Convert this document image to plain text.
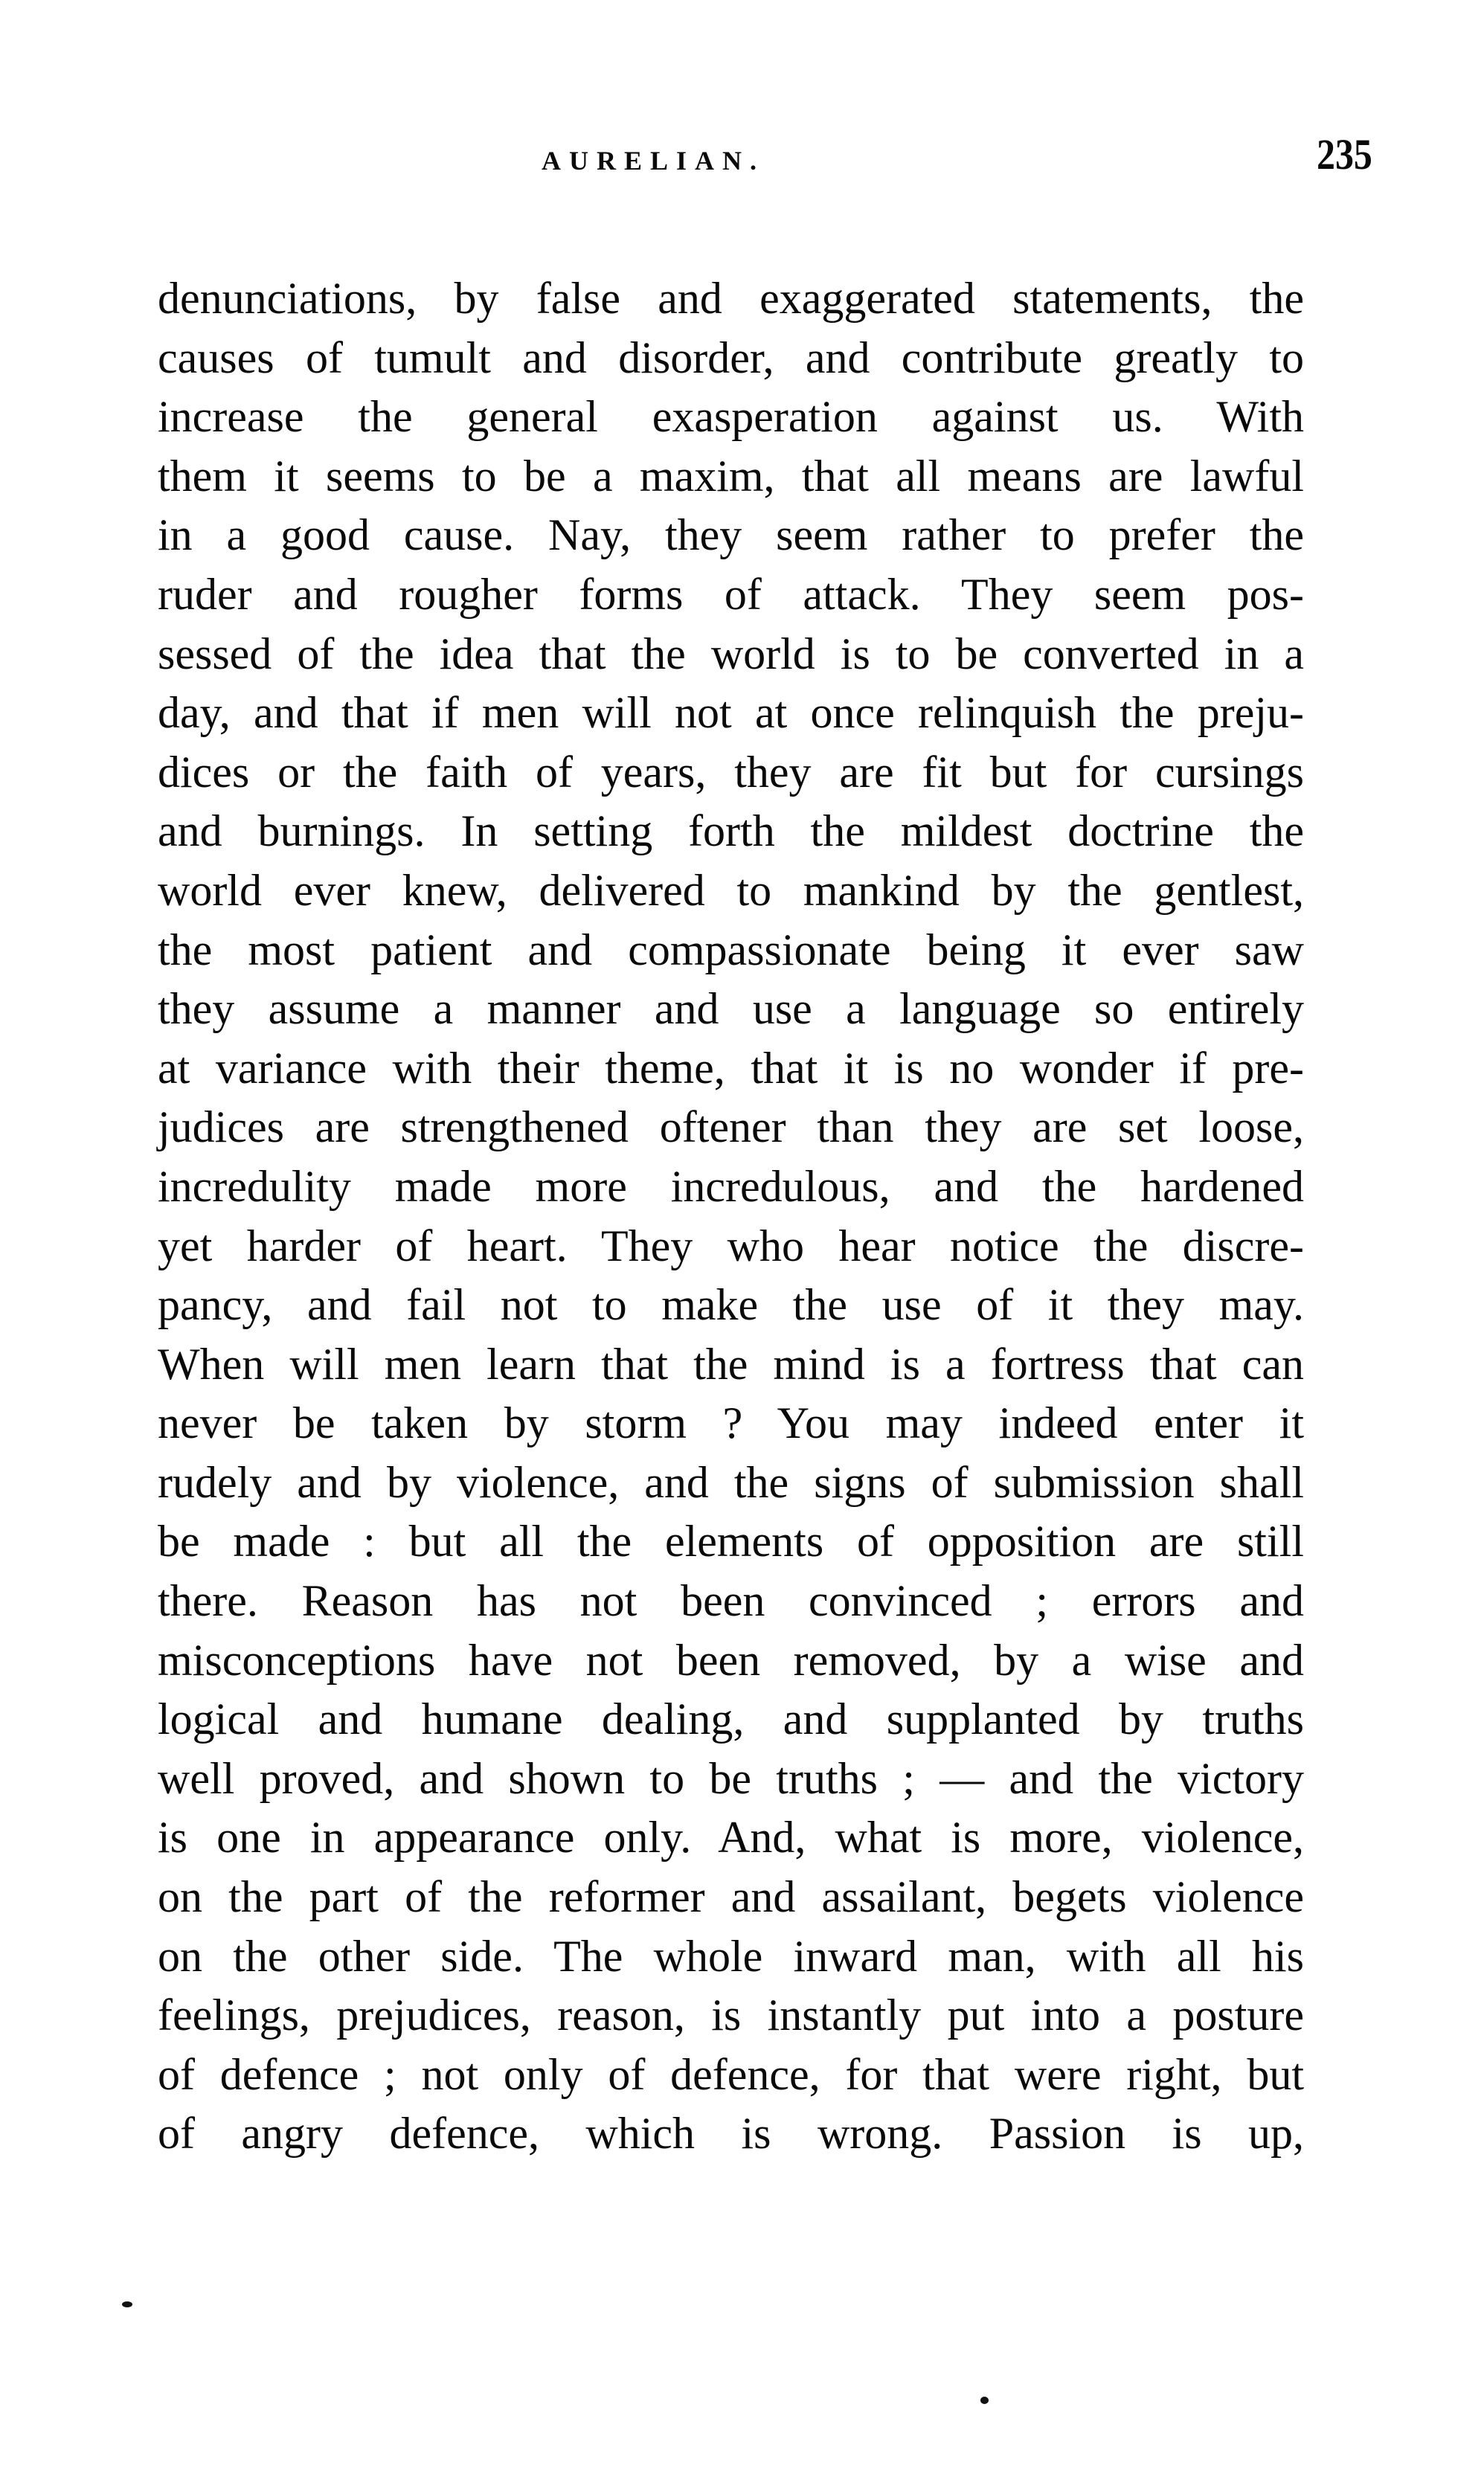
AURELIAN.	235
denunciations, by false and exaggerated statements, the
causes of tumult and disorder, and contribute greatly to
increase the general exasperation against us. With
them it seems to be a maxim, that all means are lawful
in a good cause. Nay, they seem rather to prefer the
ruder and rougher forms of attack. They seem pos-
sessed of the idea that the world is to be converted in a
day, and that if men will not at once relinquish the preju-
dices or the faith of years, they are fit but for cursings
and burnings. In setting forth the mildest doctrine the
world ever knew, delivered to mankind by the gentlest,
the most patient and compassionate being it ever saw
they assume a manner and use a language so entirely
at variance with their theme, that it is no wonder if pre-
judices are strengthened oftener than they are set loose,
incredulity made more incredulous, and the hardened
yet harder of heart. They who hear notice the discre-
pancy, and fail not to make the use of it they may.
When will men learn that the mind is a fortress that can
never be taken by storm ? You may indeed enter it
rudely and by violence, and the signs of submission shall
be made : but all the elements of opposition are still
there. Reason has not been convinced ; errors and
misconceptions have not been removed, by a wise and
logical and humane dealing, and supplanted by truths
well proved, and shown to be truths ; — and the victory
is one in appearance only. And, what is more, violence,
on the part of the reformer and assailant, begets violence
on the other side. The whole inward man, with all his
feelings, prejudices, reason, is instantly put into a posture
of defence ; not only of defence, for that were right, but
of angry defence, which is wrong. Passion is up,
